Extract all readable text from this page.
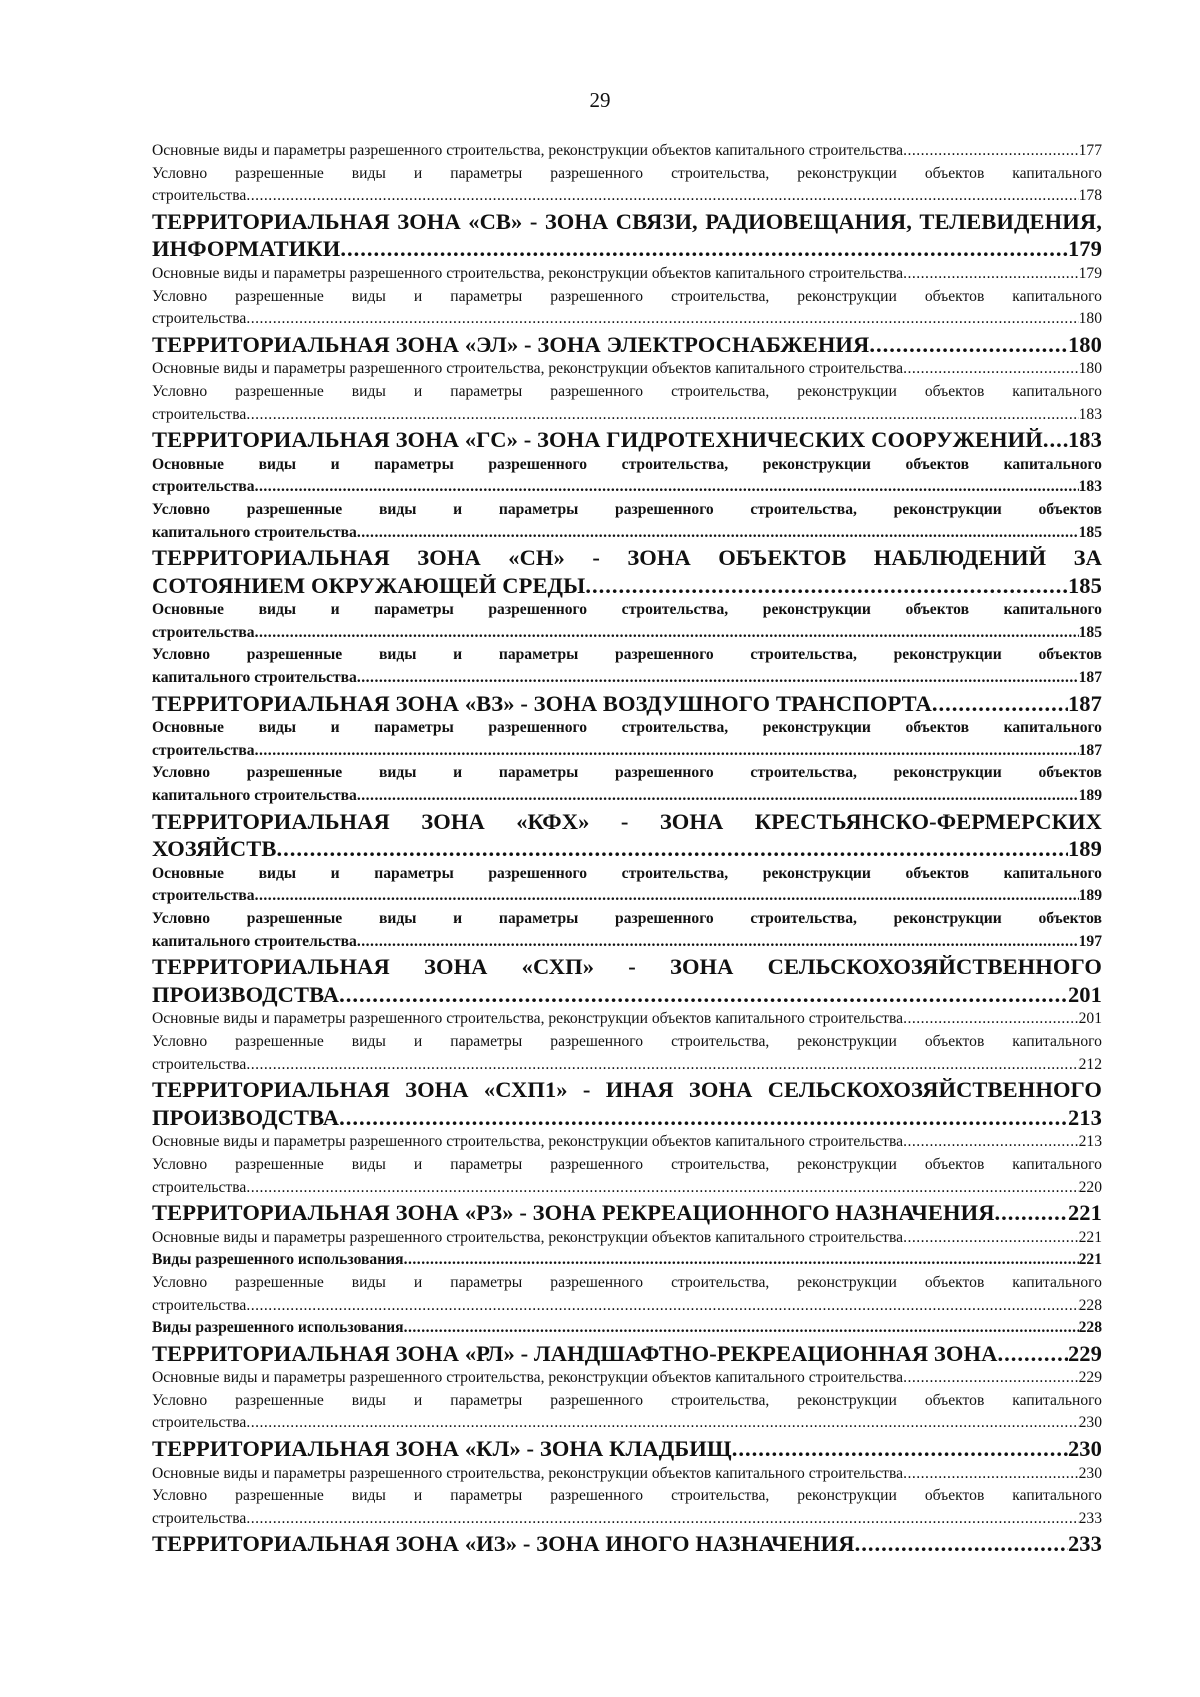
29
Основные виды и параметры разрешенного строительства, реконструкции объектов капитального строительства .....	177
Условно разрешенные виды и параметры разрешенного строительства, реконструкции объектов капитального
строительства .....	178
ТЕРРИТОРИАЛЬНАЯ ЗОНА «СВ» - ЗОНА СВЯЗИ, РАДИОВЕЩАНИЯ, ТЕЛЕВИДЕНИЯ,
ИНФОРМАТИКИ .....	179
Основные виды и параметры разрешенного строительства, реконструкции объектов капитального строительства .....	179
Условно разрешенные виды и параметры разрешенного строительства, реконструкции объектов капитального
строительства .....	180
ТЕРРИТОРИАЛЬНАЯ ЗОНА «ЭЛ» - ЗОНА ЭЛЕКТРОСНАБЖЕНИЯ .....	180
Основные виды и параметры разрешенного строительства, реконструкции объектов капитального строительства .....	180
Условно разрешенные виды и параметры разрешенного строительства, реконструкции объектов капитального
строительства .....	183
ТЕРРИТОРИАЛЬНАЯ ЗОНА «ГС» - ЗОНА ГИДРОТЕХНИЧЕСКИХ СООРУЖЕНИЙ ..... 183
Основные виды и параметры разрешенного строительства, реконструкции объектов капитального
строительства .....	183
Условно разрешенные виды и параметры разрешенного строительства, реконструкции объектов
капитального строительства .....	185
ТЕРРИТОРИАЛЬНАЯ ЗОНА «СН» - ЗОНА ОБЪЕКТОВ НАБЛЮДЕНИЙ ЗА
СОТОЯНИЕМ ОКРУЖАЮЩЕЙ СРЕДЫ .....	185
Основные виды и параметры разрешенного строительства, реконструкции объектов капитального
строительства .....	185
Условно разрешенные виды и параметры разрешенного строительства, реконструкции объектов
капитального строительства .....	187
ТЕРРИТОРИАЛЬНАЯ ЗОНА «ВЗ» - ЗОНА ВОЗДУШНОГО ТРАНСПОРТА .....	187
Основные виды и параметры разрешенного строительства, реконструкции объектов капитального
строительства .....	187
Условно разрешенные виды и параметры разрешенного строительства, реконструкции объектов
капитального строительства .....	189
ТЕРРИТОРИАЛЬНАЯ ЗОНА «КФХ» - ЗОНА КРЕСТЬЯНСКО-ФЕРМЕРСКИХ
ХОЗЯЙСТВ .....	189
Основные виды и параметры разрешенного строительства, реконструкции объектов капитального
строительства .....	189
Условно разрешенные виды и параметры разрешенного строительства, реконструкции объектов
капитального строительства .....	197
ТЕРРИТОРИАЛЬНАЯ ЗОНА «СХП» - ЗОНА СЕЛЬСКОХОЗЯЙСТВЕННОГО
ПРОИЗВОДСТВА .....	201
Основные виды и параметры разрешенного строительства, реконструкции объектов капитального строительства .....	201
Условно разрешенные виды и параметры разрешенного строительства, реконструкции объектов капитального
строительства .....	212
ТЕРРИТОРИАЛЬНАЯ ЗОНА «СХП1» - ИНАЯ ЗОНА СЕЛЬСКОХОЗЯЙСТВЕННОГО
ПРОИЗВОДСТВА .....	213
Основные виды и параметры разрешенного строительства, реконструкции объектов капитального строительства .....	213
Условно разрешенные виды и параметры разрешенного строительства, реконструкции объектов капитального
строительства .....	220
ТЕРРИТОРИАЛЬНАЯ ЗОНА «РЗ» - ЗОНА РЕКРЕАЦИОННОГО НАЗНАЧЕНИЯ .....	221
Основные виды и параметры разрешенного строительства, реконструкции объектов капитального строительства .....	221
Виды разрешенного использования .....	221
Условно разрешенные виды и параметры разрешенного строительства, реконструкции объектов капитального
строительства .....	228
Виды разрешенного использования .....	228
ТЕРРИТОРИАЛЬНАЯ ЗОНА «РЛ» - ЛАНДШАФТНО-РЕКРЕАЦИОННАЯ ЗОНА .....	229
Основные виды и параметры разрешенного строительства, реконструкции объектов капитального строительства .....	229
Условно разрешенные виды и параметры разрешенного строительства, реконструкции объектов капитального
строительства .....	230
ТЕРРИТОРИАЛЬНАЯ ЗОНА «КЛ» - ЗОНА КЛАДБИЩ .....	230
Основные виды и параметры разрешенного строительства, реконструкции объектов капитального строительства .....	230
Условно разрешенные виды и параметры разрешенного строительства, реконструкции объектов капитального
строительства .....	233
ТЕРРИТОРИАЛЬНАЯ ЗОНА «ИЗ» - ЗОНА ИНОГО НАЗНАЧЕНИЯ .....	233
